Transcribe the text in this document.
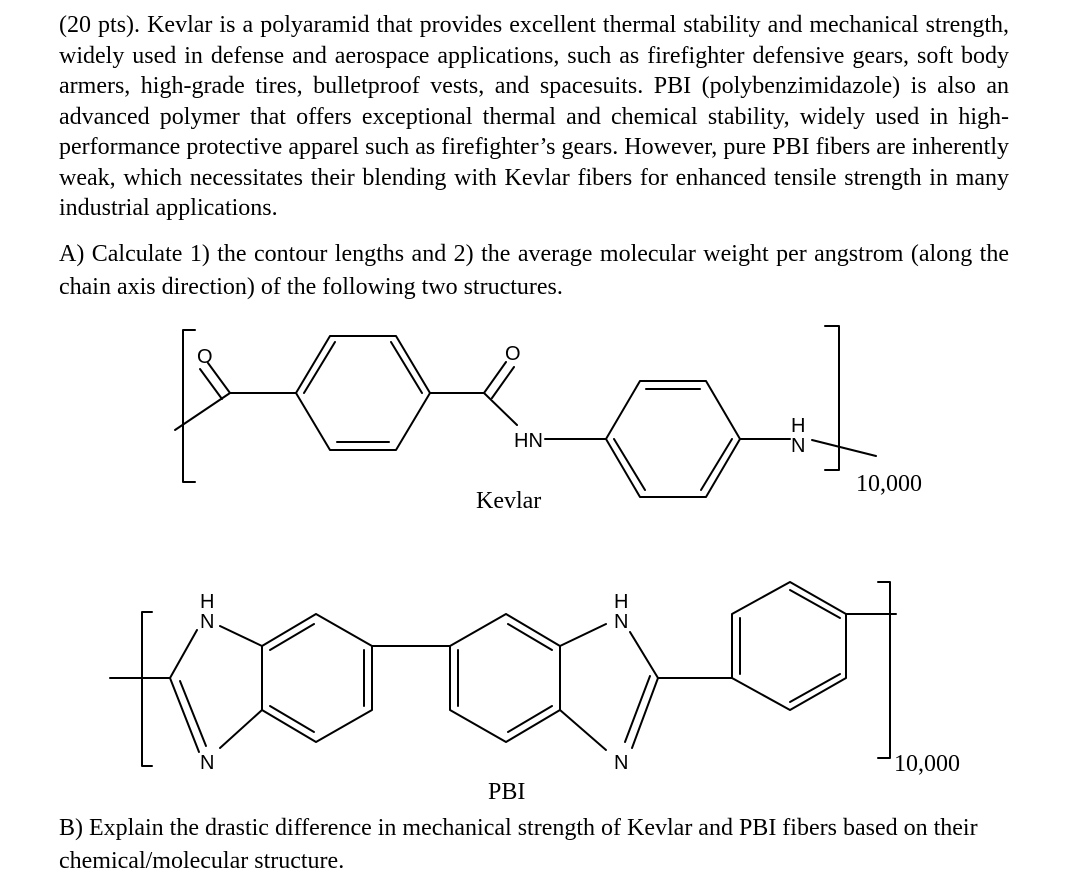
(20 pts). Kevlar is a polyaramid that provides excellent thermal stability and mechanical strength, widely used in defense and aerospace applications, such as firefighter defensive gears, soft body armers, high-grade tires, bulletproof vests, and spacesuits. PBI (polybenzimidazole) is also an advanced polymer that offers exceptional thermal and chemical stability, widely used in high-performance protective apparel such as firefighter’s gears. However, pure PBI fibers are inherently weak, which necessitates their blending with Kevlar fibers for enhanced tensile strength in many industrial applications.

A) Calculate 1) the contour lengths and 2) the average molecular weight per angstrom (along the chain axis direction) of the following two structures.

O	O
HN
H
N
10,000
Kevlar
H
N
N
H
N
N	10,000
PBI

B) Explain the drastic difference in mechanical strength of Kevlar and PBI fibers based on their chemical/molecular structure.
